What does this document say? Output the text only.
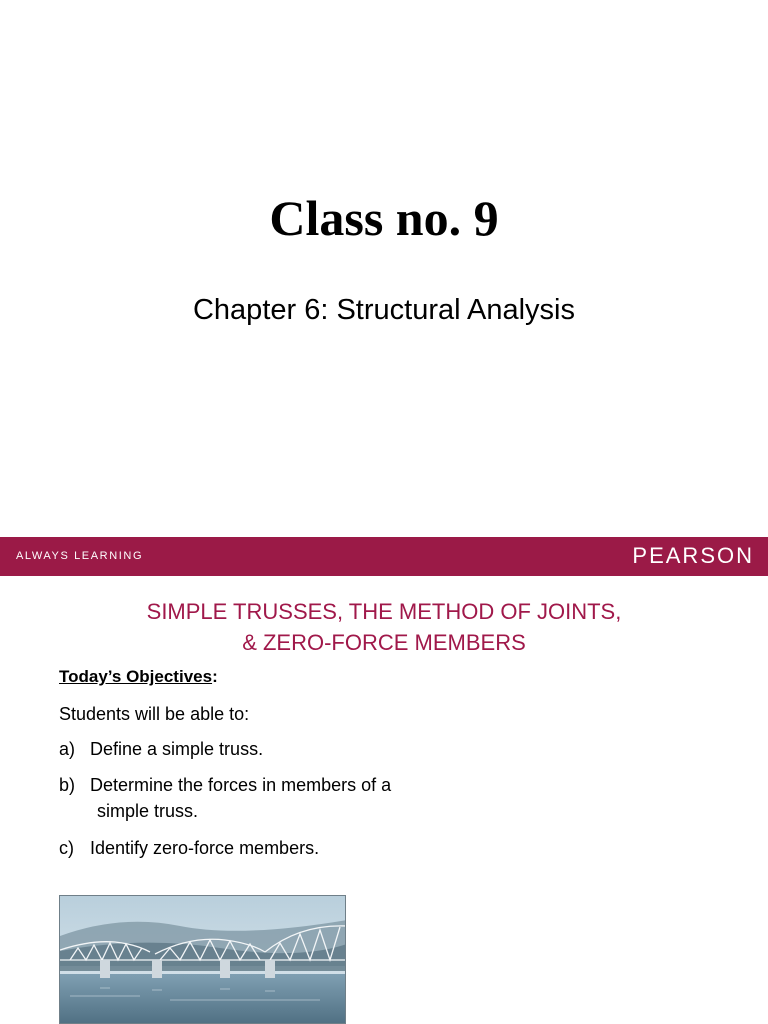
Class no. 9
Chapter 6: Structural Analysis
ALWAYS LEARNING	PEARSON
SIMPLE TRUSSES, THE METHOD OF JOINTS,
& ZERO-FORCE MEMBERS
Today’s Objectives:
Students will be able to:
a) Define a simple truss.
b) Determine the forces in members of a
simple truss.
c) Identify zero-force members.
